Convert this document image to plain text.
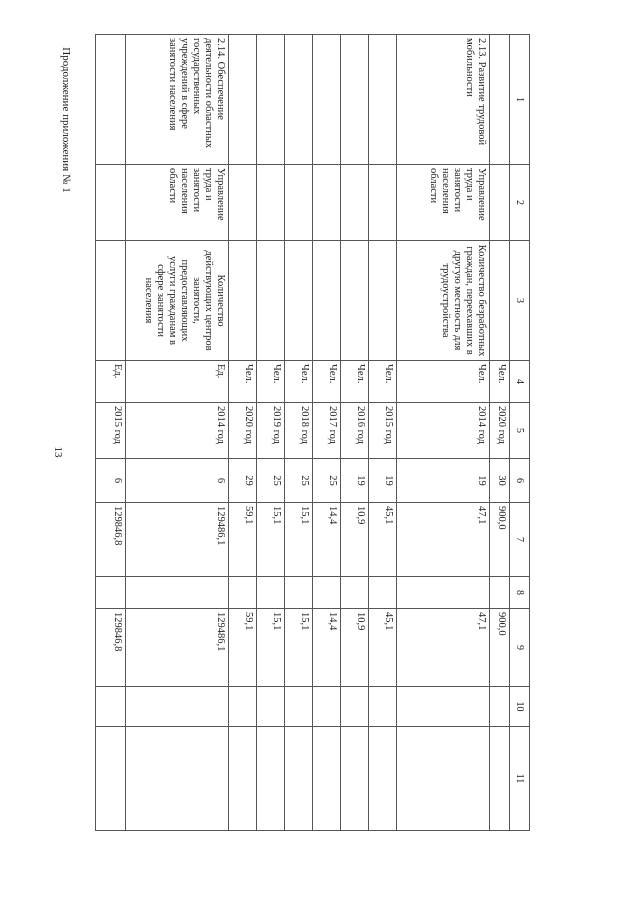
13
Продолжение приложения № 1	1	2	3	4	5	6	7	8	9	10	11
			Чел.	2020 год	30	900,0		900,0		
2.13. Развитие трудовой мобильности	Управление труда и занятости населения области	Количество безработных граждан, переехавших в другую местность для трудоустройства	Чел.	2014 год	19	47,1		47,1		
			Чел.	2015 год	19	45,1		45,1		
			Чел.	2016 год	19	10,9		10,9		
			Чел.	2017 год	25	14,4		14,4		
			Чел.	2018 год	25	15,1		15,1		
			Чел.	2019 год	25	15,1		15,1		
			Чел.	2020 год	29	59,1		59,1		
2.14. Обеспечение деятельности областных государственных учреждений в сфере занятости населения	Управление труда и занятости населения области	Количество действующих центров занятости, предоставляющих услуги гражданам в сфере занятости населения	Ед.	2014 год	6	129486,1		129486,1		
			Ед.	2015 год	6	129846,8		129846,8		
